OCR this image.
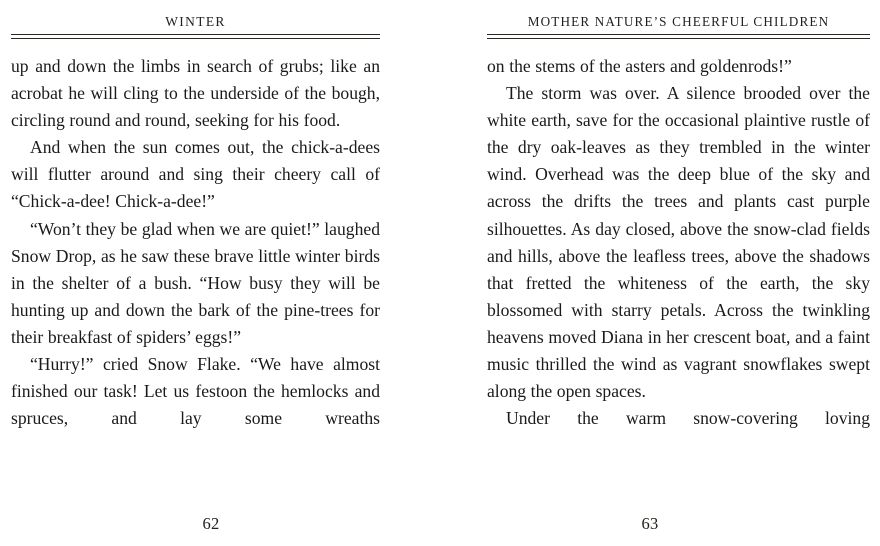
WINTER

up and down the limbs in search of grubs; like an acrobat he will cling to the underside of the bough, circling round and round, seeking for his food.

And when the sun comes out, the chick-a-dees will flutter around and sing their cheery call of “Chick-a-dee! Chick-a-dee!”

“Won’t they be glad when we are quiet!” laughed Snow Drop, as he saw these brave little winter birds in the shelter of a bush. “How busy they will be hunting up and down the bark of the pine-trees for their breakfast of spiders’ eggs!”

“Hurry!” cried Snow Flake. “We have almost finished our task! Let us festoon the hemlocks and spruces, and lay some wreaths

62
MOTHER NATURE’S CHEERFUL CHILDREN

on the stems of the asters and goldenrods!”

The storm was over. A silence brooded over the white earth, save for the occasional plaintive rustle of the dry oak-leaves as they trembled in the winter wind. Overhead was the deep blue of the sky and across the drifts the trees and plants cast purple silhouettes. As day closed, above the snow-clad fields and hills, above the leafless trees, above the shadows that fretted the whiteness of the earth, the sky blossomed with starry petals. Across the twinkling heavens moved Diana in her crescent boat, and a faint music thrilled the wind as vagrant snowflakes swept along the open spaces.

Under the warm snow-covering loving

63
